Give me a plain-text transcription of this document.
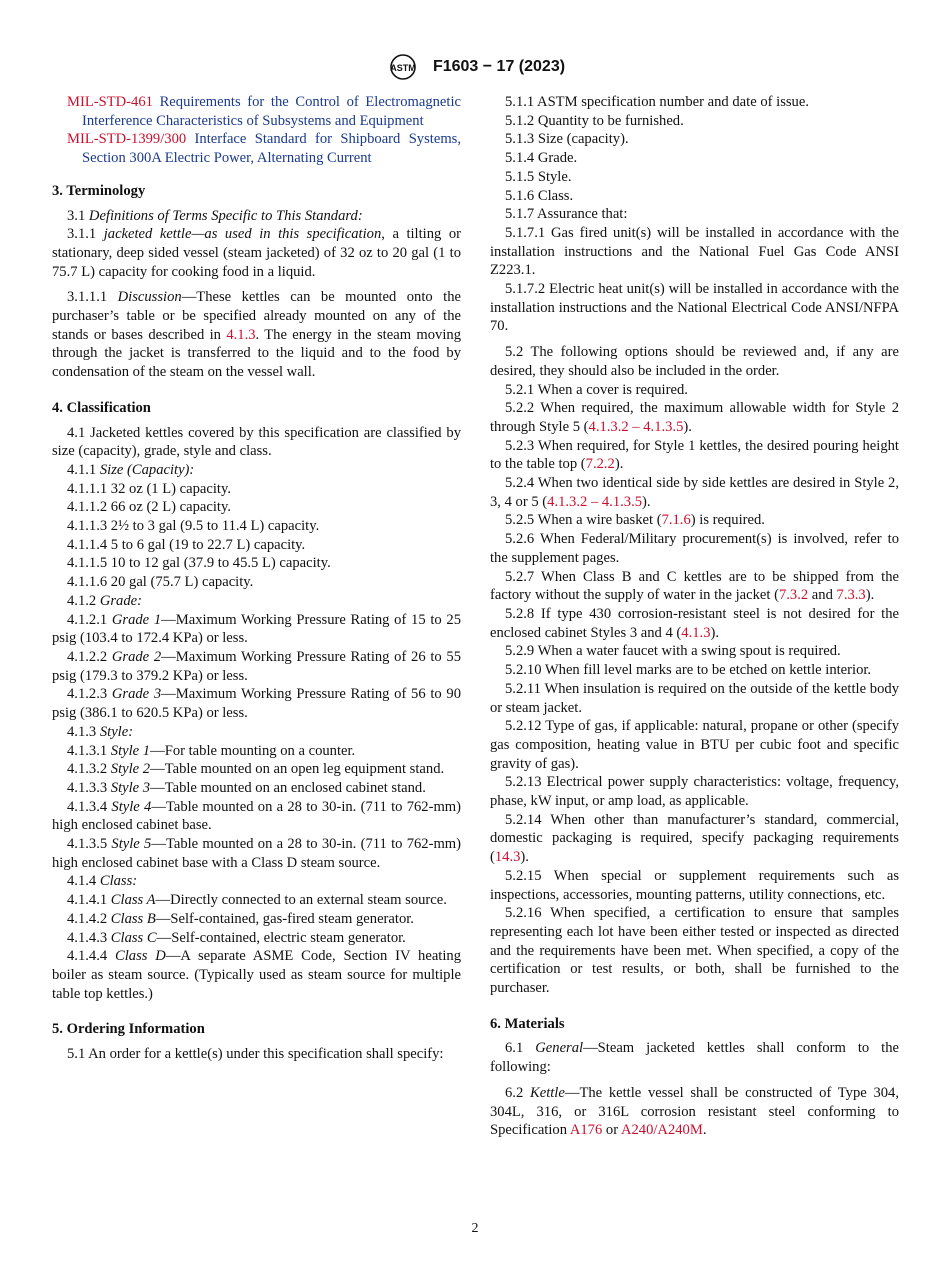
ASTM F1603 − 17 (2023)

MIL-STD-461 Requirements for the Control of Electromagnetic Interference Characteristics of Subsystems and Equipment

MIL-STD-1399/300 Interface Standard for Shipboard Systems, Section 300A Electric Power, Alternating Current

3. Terminology

3.1 Definitions of Terms Specific to This Standard:

3.1.1 jacketed kettle—as used in this specification, a tilting or stationary, deep sided vessel (steam jacketed) of 32 oz to 20 gal (1 to 75.7 L) capacity for cooking food in a liquid.

3.1.1.1 Discussion—These kettles can be mounted onto the purchaser’s table or be specified already mounted on any of the stands or bases described in 4.1.3. The energy in the steam moving through the jacket is transferred to the liquid and to the food by condensation of the steam on the vessel wall.

4. Classification

4.1 Jacketed kettles covered by this specification are classified by size (capacity), grade, style and class.

4.1.1 Size (Capacity):

4.1.1.1 32 oz (1 L) capacity.

4.1.1.2 66 oz (2 L) capacity.

4.1.1.3 2½ to 3 gal (9.5 to 11.4 L) capacity.

4.1.1.4 5 to 6 gal (19 to 22.7 L) capacity.

4.1.1.5 10 to 12 gal (37.9 to 45.5 L) capacity.

4.1.1.6 20 gal (75.7 L) capacity.

4.1.2 Grade:

4.1.2.1 Grade 1—Maximum Working Pressure Rating of 15 to 25 psig (103.4 to 172.4 KPa) or less.

4.1.2.2 Grade 2—Maximum Working Pressure Rating of 26 to 55 psig (179.3 to 379.2 KPa) or less.

4.1.2.3 Grade 3—Maximum Working Pressure Rating of 56 to 90 psig (386.1 to 620.5 KPa) or less.

4.1.3 Style:

4.1.3.1 Style 1—For table mounting on a counter.

4.1.3.2 Style 2—Table mounted on an open leg equipment stand.

4.1.3.3 Style 3—Table mounted on an enclosed cabinet stand.

4.1.3.4 Style 4—Table mounted on a 28 to 30-in. (711 to 762-mm) high enclosed cabinet base.

4.1.3.5 Style 5—Table mounted on a 28 to 30-in. (711 to 762-mm) high enclosed cabinet base with a Class D steam source.

4.1.4 Class:

4.1.4.1 Class A—Directly connected to an external steam source.

4.1.4.2 Class B—Self-contained, gas-fired steam generator.

4.1.4.3 Class C—Self-contained, electric steam generator.

4.1.4.4 Class D—A separate ASME Code, Section IV heating boiler as steam source. (Typically used as steam source for multiple table top kettles.)

5. Ordering Information

5.1 An order for a kettle(s) under this specification shall specify:

5.1.1 ASTM specification number and date of issue.

5.1.2 Quantity to be furnished.

5.1.3 Size (capacity).

5.1.4 Grade.

5.1.5 Style.

5.1.6 Class.

5.1.7 Assurance that:

5.1.7.1 Gas fired unit(s) will be installed in accordance with the installation instructions and the National Fuel Gas Code ANSI Z223.1.

5.1.7.2 Electric heat unit(s) will be installed in accordance with the installation instructions and the National Electrical Code ANSI/NFPA 70.

5.2 The following options should be reviewed and, if any are desired, they should also be included in the order.

5.2.1 When a cover is required.

5.2.2 When required, the maximum allowable width for Style 2 through Style 5 (4.1.3.2 – 4.1.3.5).

5.2.3 When required, for Style 1 kettles, the desired pouring height to the table top (7.2.2).

5.2.4 When two identical side by side kettles are desired in Style 2, 3, 4 or 5 (4.1.3.2 – 4.1.3.5).

5.2.5 When a wire basket (7.1.6) is required.

5.2.6 When Federal/Military procurement(s) is involved, refer to the supplement pages.

5.2.7 When Class B and C kettles are to be shipped from the factory without the supply of water in the jacket (7.3.2 and 7.3.3).

5.2.8 If type 430 corrosion-resistant steel is not desired for the enclosed cabinet Styles 3 and 4 (4.1.3).

5.2.9 When a water faucet with a swing spout is required.

5.2.10 When fill level marks are to be etched on kettle interior.

5.2.11 When insulation is required on the outside of the kettle body or steam jacket.

5.2.12 Type of gas, if applicable: natural, propane or other (specify gas composition, heating value in BTU per cubic foot and specific gravity of gas).

5.2.13 Electrical power supply characteristics: voltage, frequency, phase, kW input, or amp load, as applicable.

5.2.14 When other than manufacturer’s standard, commercial, domestic packaging is required, specify packaging requirements (14.3).

5.2.15 When special or supplement requirements such as inspections, accessories, mounting patterns, utility connections, etc.

5.2.16 When specified, a certification to ensure that samples representing each lot have been either tested or inspected as directed and the requirements have been met. When specified, a copy of the certification or test results, or both, shall be furnished to the purchaser.

6. Materials

6.1 General—Steam jacketed kettles shall conform to the following:

6.2 Kettle—The kettle vessel shall be constructed of Type 304, 304L, 316, or 316L corrosion resistant steel conforming to Specification A176 or A240/A240M.

2
